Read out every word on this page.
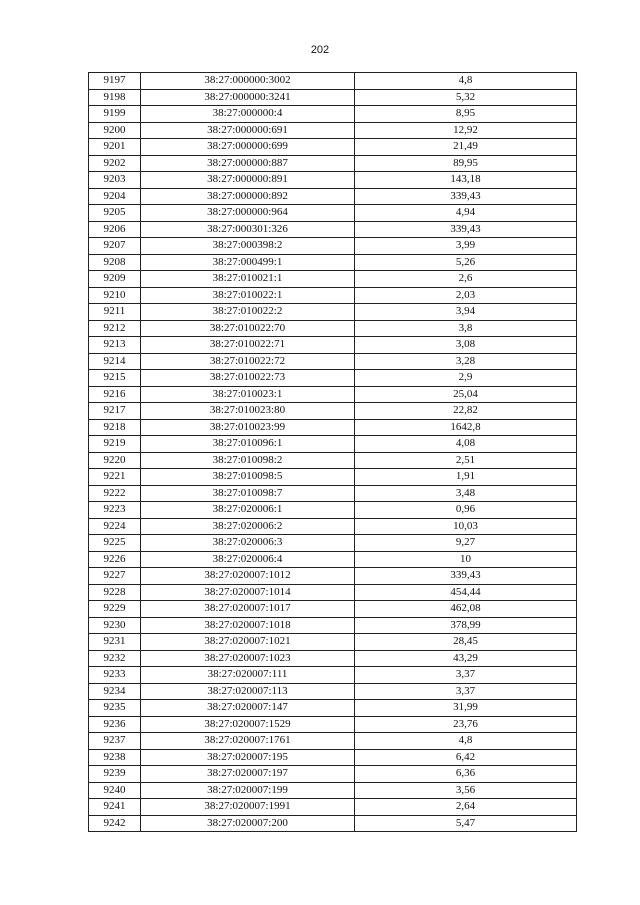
202
9197	38:27:000000:3002	4,8
9198	38:27:000000:3241	5,32
9199	38:27:000000:4	8,95
9200	38:27:000000:691	12,92
9201	38:27:000000:699	21,49
9202	38:27:000000:887	89,95
9203	38:27:000000:891	143,18
9204	38:27:000000:892	339,43
9205	38:27:000000:964	4,94
9206	38:27:000301:326	339,43
9207	38:27:000398:2	3,99
9208	38:27:000499:1	5,26
9209	38:27:010021:1	2,6
9210	38:27:010022:1	2,03
9211	38:27:010022:2	3,94
9212	38:27:010022:70	3,8
9213	38:27:010022:71	3,08
9214	38:27:010022:72	3,28
9215	38:27:010022:73	2,9
9216	38:27:010023:1	25,04
9217	38:27:010023:80	22,82
9218	38:27:010023:99	1642,8
9219	38:27:010096:1	4,08
9220	38:27:010098:2	2,51
9221	38:27:010098:5	1,91
9222	38:27:010098:7	3,48
9223	38:27:020006:1	0,96
9224	38:27:020006:2	10,03
9225	38:27:020006:3	9,27
9226	38:27:020006:4	10
9227	38:27:020007:1012	339,43
9228	38:27:020007:1014	454,44
9229	38:27:020007:1017	462,08
9230	38:27:020007:1018	378,99
9231	38:27:020007:1021	28,45
9232	38:27:020007:1023	43,29
9233	38:27:020007:111	3,37
9234	38:27:020007:113	3,37
9235	38:27:020007:147	31,99
9236	38:27:020007:1529	23,76
9237	38:27:020007:1761	4,8
9238	38:27:020007:195	6,42
9239	38:27:020007:197	6,36
9240	38:27:020007:199	3,56
9241	38:27:020007:1991	2,64
9242	38:27:020007:200	5,47
